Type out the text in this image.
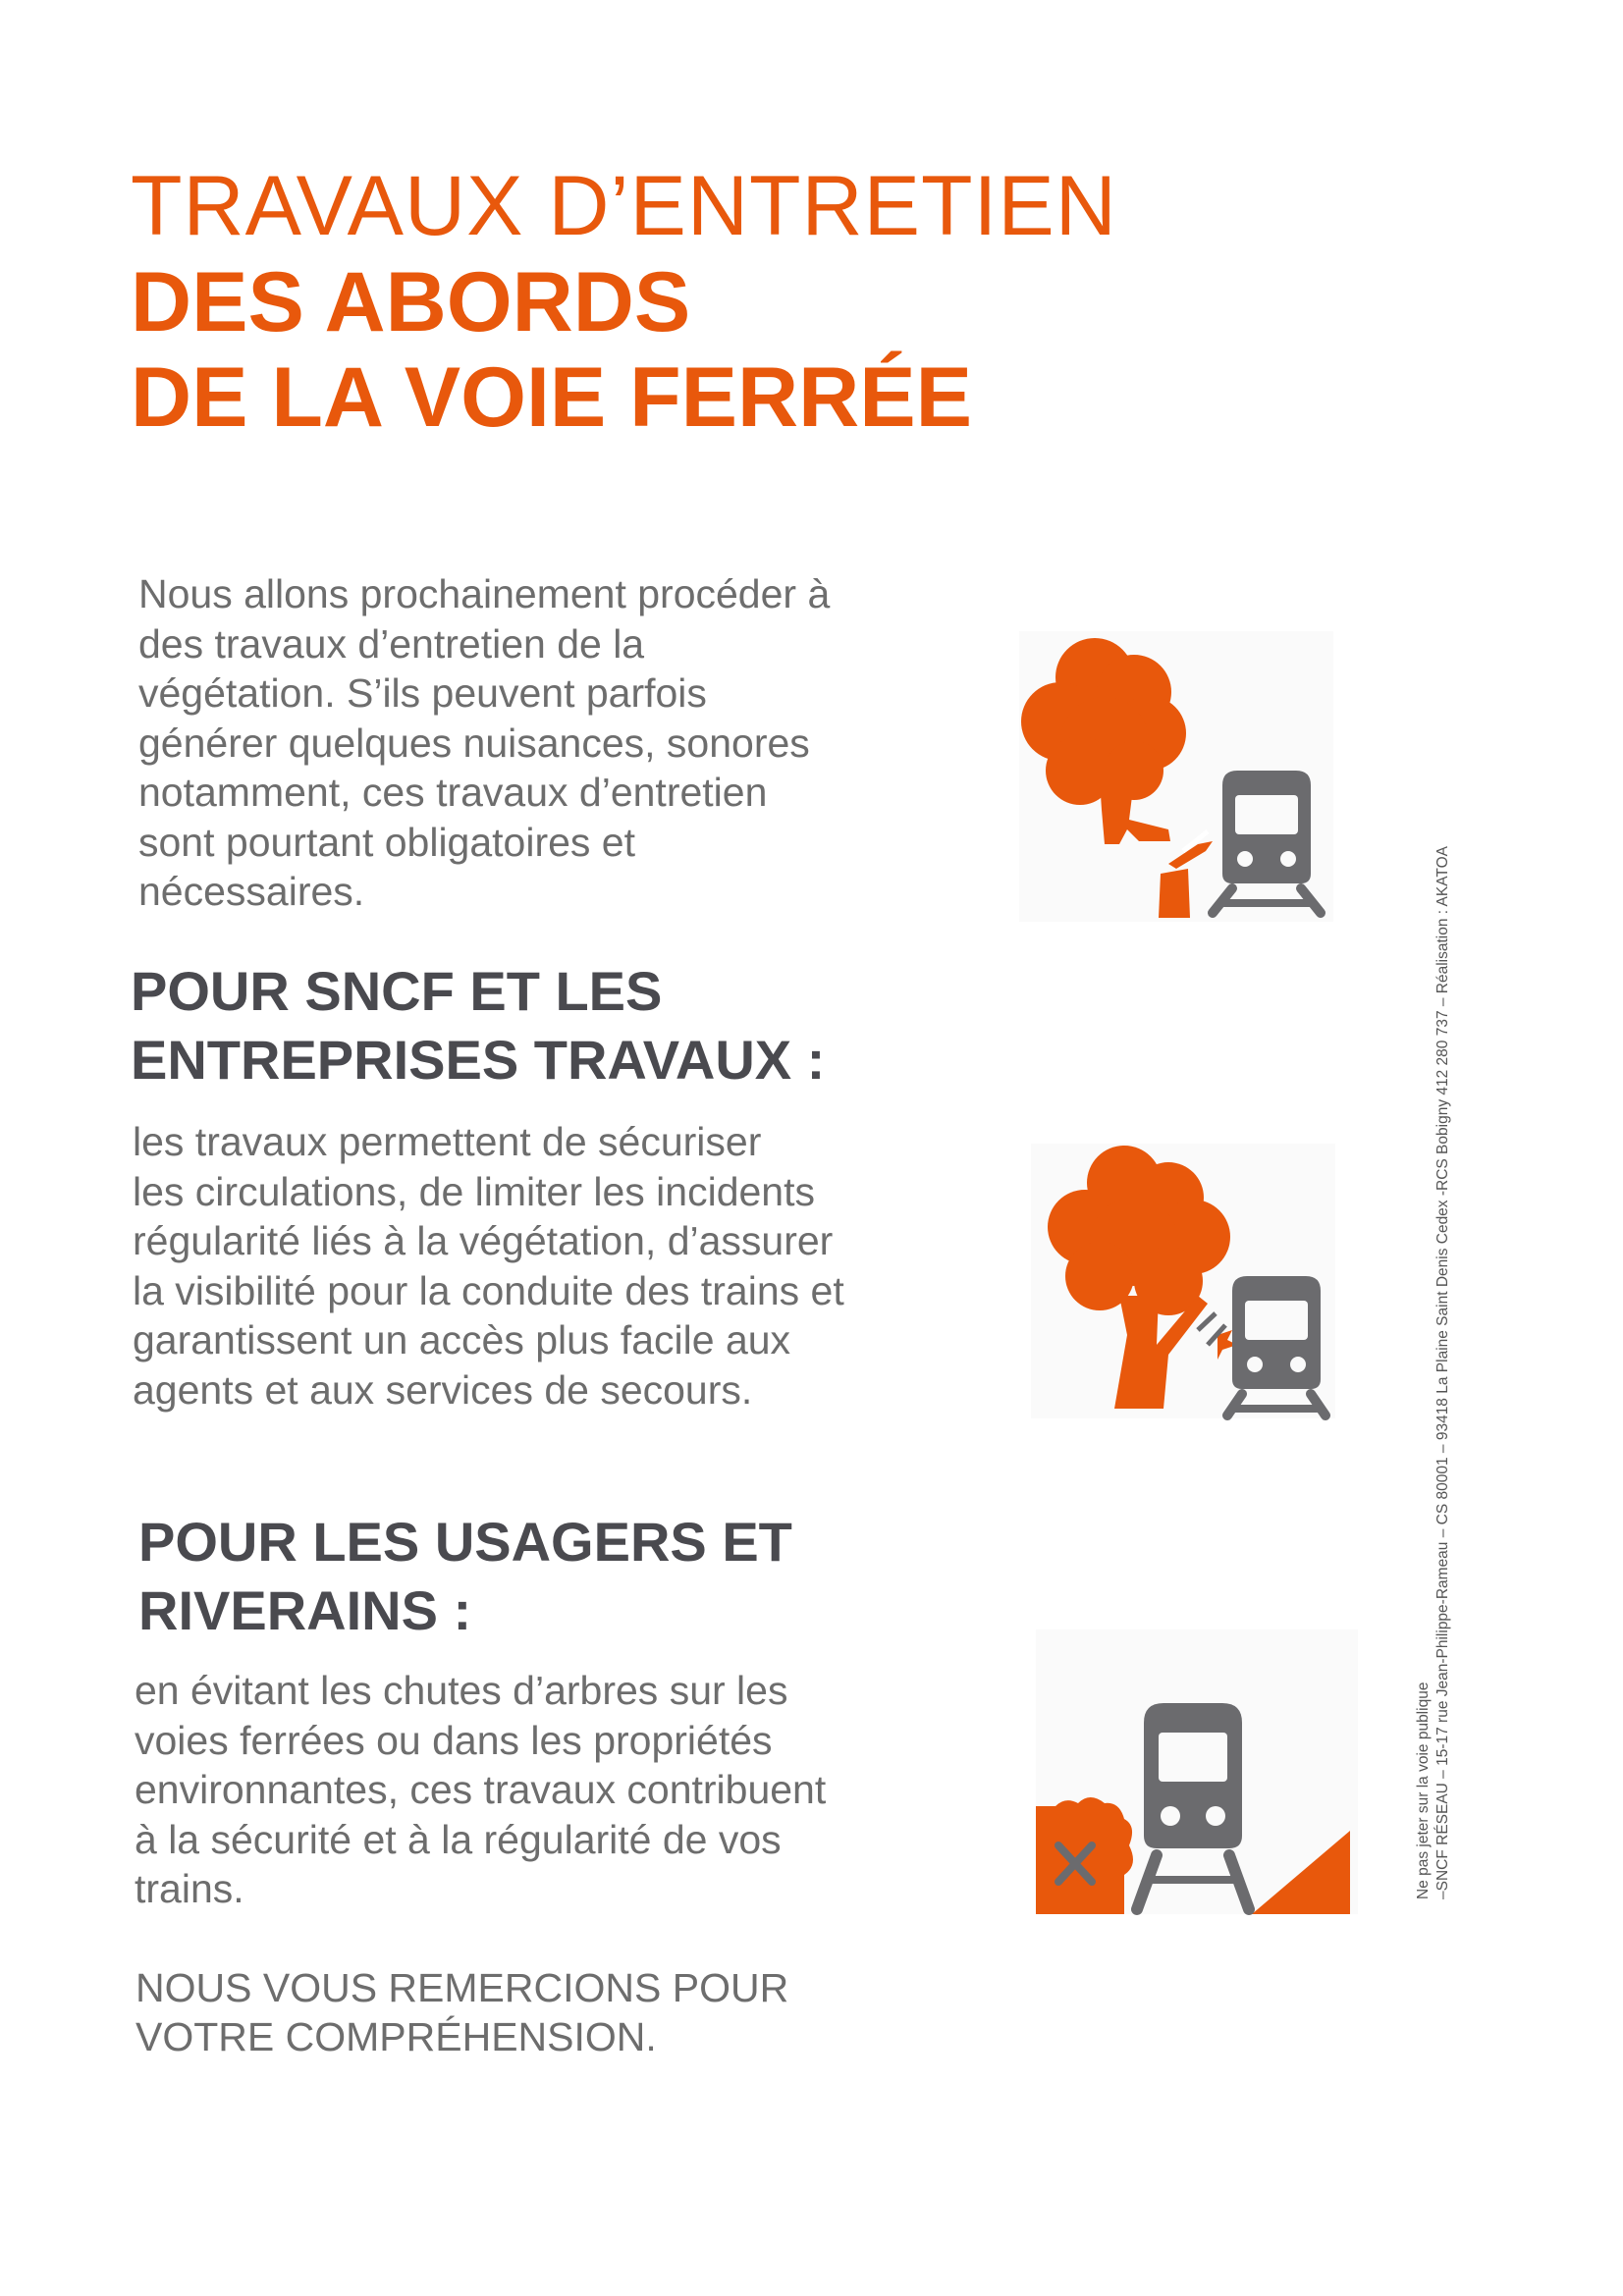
TRAVAUX D’ENTRETIEN
DES ABORDS
DE LA VOIE FERRÉE

Nous allons prochainement procéder à
des travaux d’entretien de la
végétation. S’ils peuvent parfois
générer quelques nuisances, sonores
notamment, ces travaux d’entretien
sont pourtant obligatoires et
nécessaires.

POUR SNCF ET LES
ENTREPRISES TRAVAUX :

les travaux permettent de sécuriser
les circulations, de limiter les incidents
régularité liés à la végétation, d’assurer
la visibilité pour la conduite des trains et
garantissent un accès plus facile aux
agents et aux services de secours.

POUR LES USAGERS ET
RIVERAINS :

en évitant les chutes d’arbres sur les
voies ferrées ou dans les propriétés
environnantes, ces travaux contribuent
à la sécurité et à la régularité de vos
trains.

NOUS VOUS REMERCIONS POUR
VOTRE COMPRÉHENSION.
Ne pas jeter sur la voie publique –SNCF RÉSEAU – 15-17 rue Jean-Philippe-Rameau – CS 80001 – 93418 La Plaine Saint Denis Cedex -RCS Bobigny 412 280 737 – Réalisation : AKATOA
